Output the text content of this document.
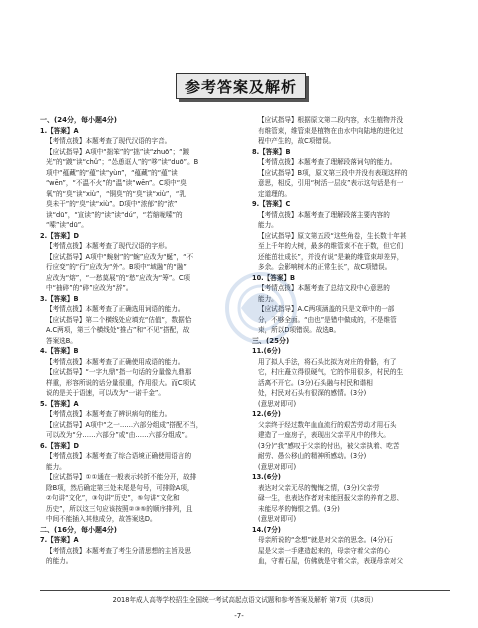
参考答案及解析
一、(24分，每小题4分)
1.【答案】A
【考情点拨】本题考查了现代汉语的字音。
【应试指导】A项中“拙笨”的“拙”读“zhuō”；“踱
光”的“踱”读“chǔ”；“怂恿诓人”的“哆”读“duō”。B
项中“蕴藏”的“蕴”读“yùn”，“蕴藏”的“蕴”读
“wēn”，“不温不火”的“温”读“wēn”。C项中“臭
氧”的“臭”读“xiù”，“铜臭”的“臭”读“xiù”，“乳
臭未干”的“臭”读“xiù”。D项中“浓郁”的“浓”
读“dū”，“宣读”的“读”读“dú”，“若缩咙嗦”的
“嗦”读“dū”。
2.【答案】D
【考情点拨】本题考查了现代汉语的字形。
【应试指导】A项中“蜿射”的“蜿”应改为“蜒”，“不
行应变”的“行”应改为“外”。B项中“域融”的“融”
应改为“熔”，“一愁莫展”的“愁”应改为“筹”。C项
中“抽碎”的“碎”应改为“辞”。
3.【答案】B
【考情点拨】本题考查了正确选用词语的能力。
【应试指导】第二个横线处应填充“估值”，数据恰
A.C两项，第三个横线处“推占”和“不见”搭配，故
答案选B。
4.【答案】B
【考情点拨】本题考查了正确使用成语的能力。
【应试指导】“一字九鼎”指一句话的分量像九鼎那
样重，形容所说的话分量很重，作用很大。而C项试
说的是关于语速，可以改为“一诺千金”。
5.【答案】A
【考情点拨】本题考查了辨识病句的能力。
【应试指导】A项中“之一……六部分组成”搭配不当，
可以改为“分……六部分”或“由……六部分组成”。
6.【答案】D
【考情点拨】本题考查了综合语境正确使用语言的
能力。
【应试指导】①①通在一般表示转折不能分开，故排
除B项，然后确定第三处未尾是句号，可排除A项，
②句讲“文化”，③句讲“历史”，⑤句讲“文化和
历史”，所以这三句应该按照②③⑤的顺序排列，且
中间不能插入其他成分，故答案选D。
二、(16分，每小题4分)
7.【答案】A
【考情点拨】本题考查了考生分清思想的主旨及思
的能力。
【应试指导】根据原文第二段内容，水生植物并没
有维管束，维管束是植物在由水中向陆地的进化过
程中产生的，故C项错误。
8.【答案】B
【考情点拨】本题考查了理解段落词句的能力。
【应试指导】B项，原文第三段中并没有表现这样的
意思，相反，引用“树活一层皮”表示这句话是有一
定道理的。
9.【答案】C
【考情点拨】本题考查了理解段落主要内容的
能力。
【应试指导】原文第五段“这些角卷，生长数十年甚
至上千年的大树，最多的维管束不在于数，但它们
还能茁壮成长”，并没有说“是兼的维管束却差异，
多余。会影响树木的正常生长”，故C项错误。
10.【答案】B
【考情点拨】本题考查了总结文段中心意思的
能力。
【应试指导】A.C两项涵盖的只是文章中的一部
分，不够全面。“由也”是错中做成的，不是维管
束，所以D项错误。故选B。
三、(25分)
11.(6分)
用了拟人手法，将石头比拟为对庄的骨骼，有了
它，村庄矗立得很硬气，它的作用很多，村民的生
活离不开它。(3分)石头融与村民和谐相
处，村民对石头有很深的感情。(3分)
(意思对即可)
12.(6分)
父亲终于经过数年血血流行的艰苦劳动才用石头
建造了一座房子，表现出父亲平凡中的伟大。
(3分)“我”感叹于父亲的付出，被父亲执着、吃苦
耐劳、愚公移山的精神所感动。(3分)
(意思对即可)
13.(6分)
表达对父亲无尽的愧悔之情，(3分)父亲劳
碌一生，也表达作者对未能回报父亲的养育之恩、
未能尽孝的悔恨之情。(3分)
(意思对即可)
14.(7分)
母亲所说的“念想”就是对父亲的思念。(4分)石
屋是父亲一手建造起来的，母亲守着父亲的心
血，守着石屋，仿佛就是守着父亲，表现母亲对父
2018年成人高等学校招生全国统一考试高起点语文试题和参考答案及解析 第7页（共8页）
-7-
